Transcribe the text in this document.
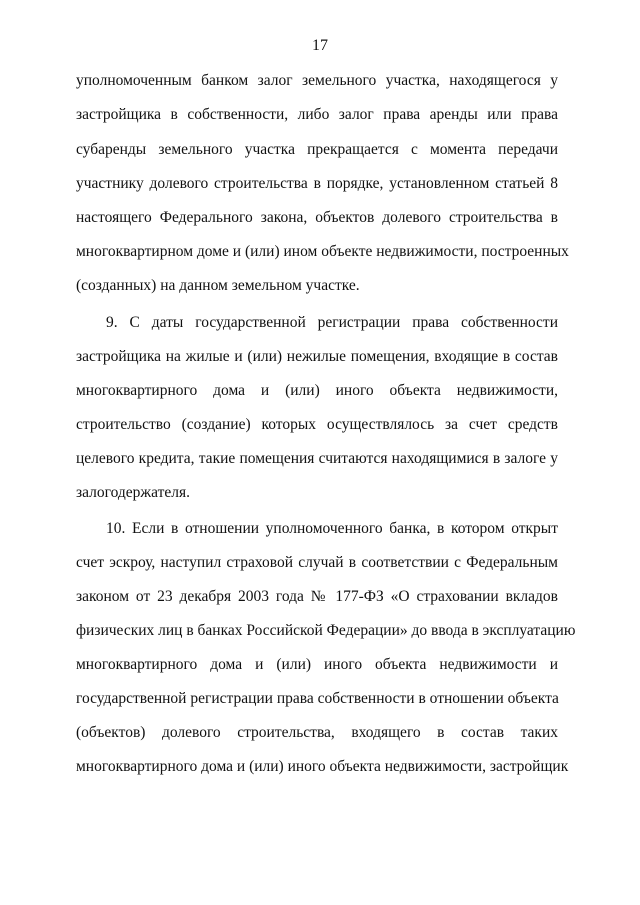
17
уполномоченным банком залог земельного участка, находящегося у
застройщика в собственности, либо залог права аренды или права
субаренды земельного участка прекращается с момента передачи
участнику долевого строительства в порядке, установленном статьей 8
настоящего Федерального закона, объектов долевого строительства в
многоквартирном доме и (или) ином объекте недвижимости, построенных
(созданных) на данном земельном участке.
9. С даты государственной регистрации права собственности
застройщика на жилые и (или) нежилые помещения, входящие в состав
многоквартирного дома и (или) иного объекта недвижимости,
строительство (создание) которых осуществлялось за счет средств
целевого кредита, такие помещения считаются находящимися в залоге у
залогодержателя.
10. Если в отношении уполномоченного банка, в котором открыт
счет эскроу, наступил страховой случай в соответствии с Федеральным
законом от 23 декабря 2003 года № 177-ФЗ «О страховании вкладов
физических лиц в банках Российской Федерации» до ввода в эксплуатацию
многоквартирного дома и (или) иного объекта недвижимости и
государственной регистрации права собственности в отношении объекта
(объектов) долевого строительства, входящего в состав таких
многоквартирного дома и (или) иного объекта недвижимости, застройщик
